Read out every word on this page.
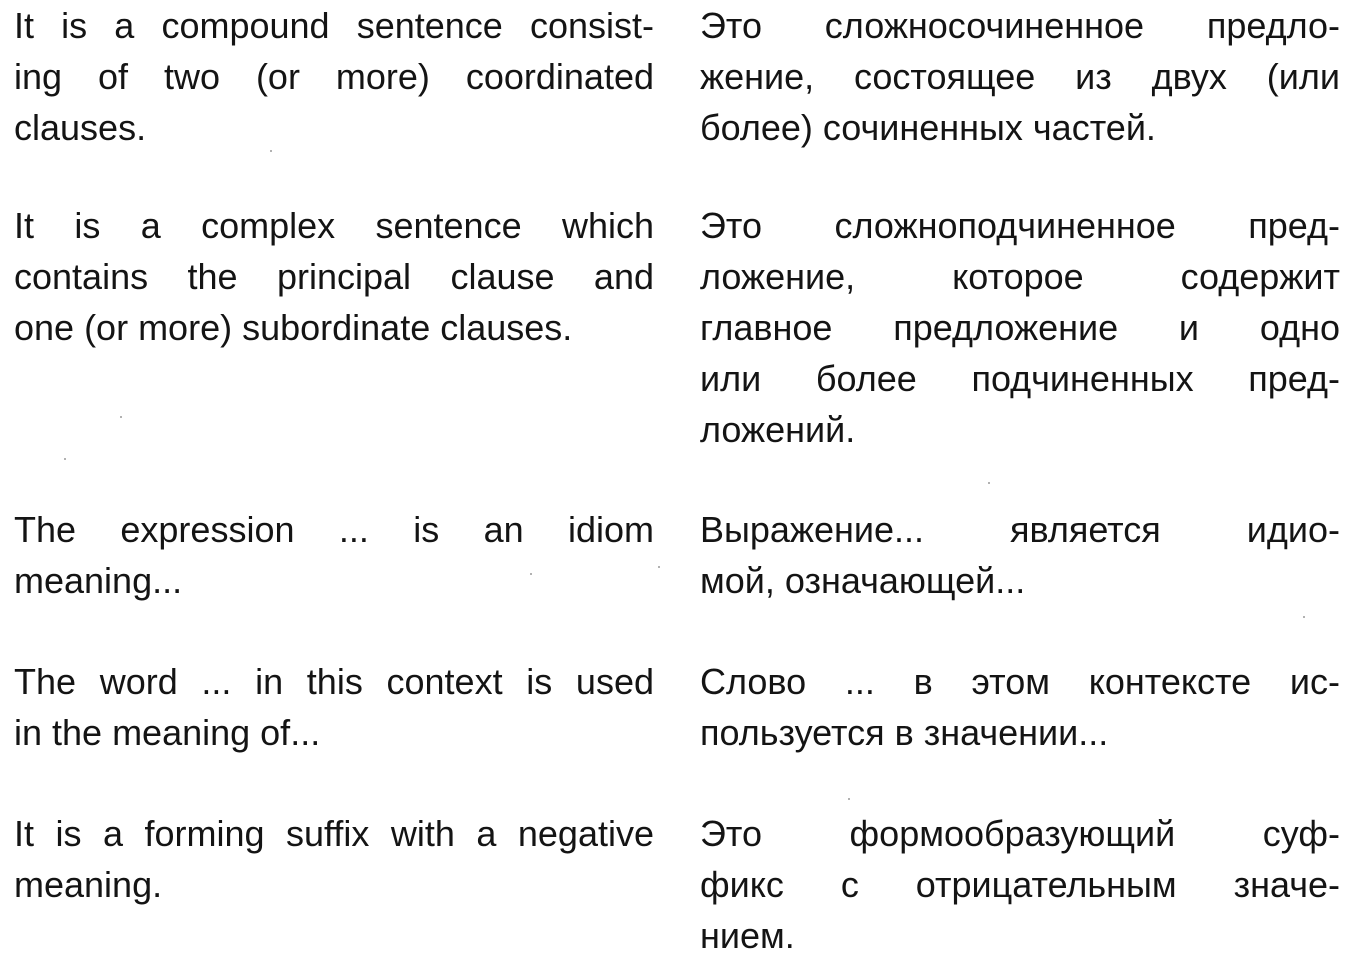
It is a compound sentence consist-
ing of two (or more) coordinated
clauses.
Это сложносочиненное предло-
жение, состоящее из двух (или
более) сочиненных частей.
It is a complex sentence which
contains the principal clause and
one (or more) subordinate clauses.
Это сложноподчиненное пред-
ложение, которое содержит
главное предложение и одно
или более подчиненных пред-
ложений.
The expression ... is an idiom
meaning...
Выражение... является идио-
мой, означающей...
The word ... in this context is used
in the meaning of...
Слово ... в этом контексте ис-
пользуется в значении...
It is a forming suffix with a negative
meaning.
Это формообразующий суф-
фикс с отрицательным значе-
нием.
